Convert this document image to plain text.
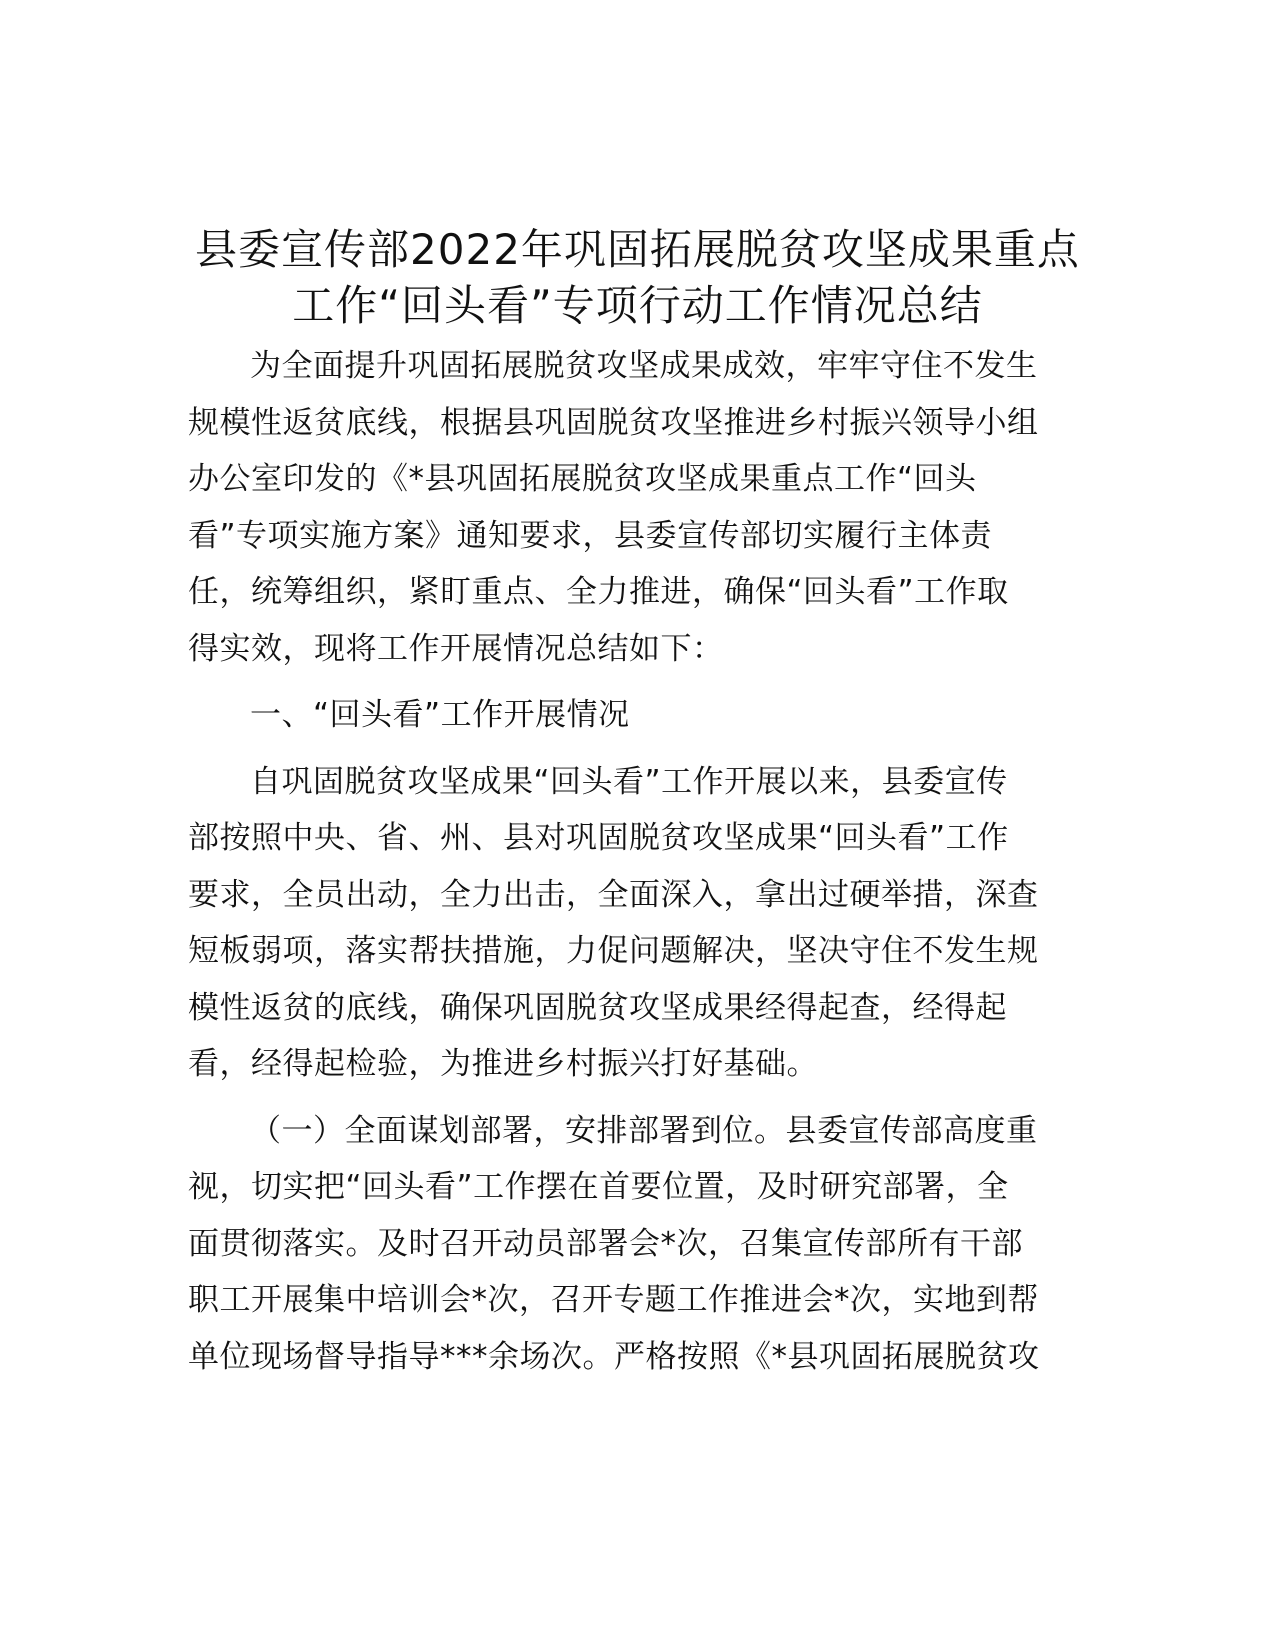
县委宣传部2022年巩固拓展脱贫攻坚成果重点
工作“回头看”专项行动工作情况总结

为全面提升巩固拓展脱贫攻坚成果成效，牢牢守住不发生
规模性返贫底线，根据县巩固脱贫攻坚推进乡村振兴领导小组
办公室印发的《*县巩固拓展脱贫攻坚成果重点工作“回头
看”专项实施方案》通知要求，县委宣传部切实履行主体责
任，统筹组织，紧盯重点、全力推进，确保“回头看”工作取
得实效，现将工作开展情况总结如下：

一、“回头看”工作开展情况

自巩固脱贫攻坚成果“回头看”工作开展以来，县委宣传
部按照中央、省、州、县对巩固脱贫攻坚成果“回头看”工作
要求，全员出动，全力出击，全面深入，拿出过硬举措，深查
短板弱项，落实帮扶措施，力促问题解决，坚决守住不发生规
模性返贫的底线，确保巩固脱贫攻坚成果经得起查，经得起
看，经得起检验，为推进乡村振兴打好基础。

（一）全面谋划部署，安排部署到位。县委宣传部高度重
视，切实把“回头看”工作摆在首要位置，及时研究部署，全
面贯彻落实。及时召开动员部署会*次，召集宣传部所有干部
职工开展集中培训会*次，召开专题工作推进会*次，实地到帮
单位现场督导指导***余场次。严格按照《*县巩固拓展脱贫攻
